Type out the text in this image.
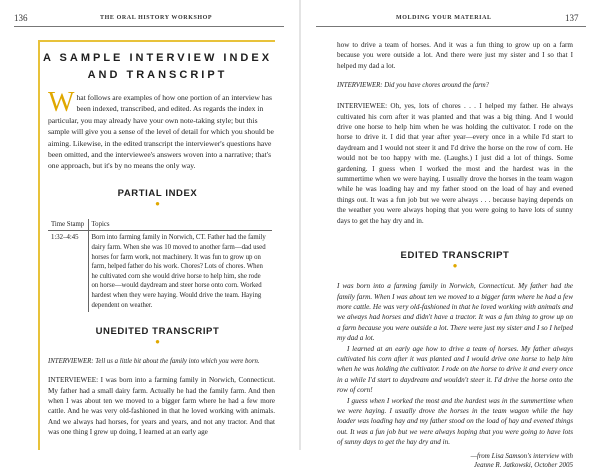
136	THE ORAL HISTORY WORKSHOP	MOLDING YOUR MATERIAL	137
A SAMPLE INTERVIEW INDEX
AND TRANSCRIPT

What follows are examples of how one portion of an interview has been indexed, transcribed, and edited. As regards the index in particular, you may already have your own note-taking style; but this sample will give you a sense of the level of detail for which you should be aiming. Likewise, in the edited transcript the interviewer's questions have been omitted, and the interviewee's answers woven into a narrative; that's one approach, but it's by no means the only way.

PARTIAL INDEX
●
Time Stamp	Topics
1:32–4:45	Born into farming family in Norwich, CT. Father had the family dairy farm. When she was 10 moved to another farm—dad used horses for farm work, not machinery. It was fun to grow up on farm, helped father do his work. Chores? Lots of chores. When he cultivated corn she would drive horse to help him, she rode on horse—would daydream and steer horse onto corn. Worked hardest when they were haying. Would drive the team. Haying dependent on weather.
UNEDITED TRANSCRIPT
●

INTERVIEWER: Tell us a little bit about the family into which you were born.

INTERVIEWEE: I was born into a farming family in Norwich, Connecticut. My father had a small dairy farm. Actually he had the family farm. And then when I was about ten we moved to a bigger farm where he had a few more cattle. And he was very old-fashioned in that he loved working with animals. And we always had horses, for years and years, and not any tractor. And that was one thing I grew up doing, I learned at an early age

how to drive a team of horses. And it was a fun thing to grow up on a farm because you were outside a lot. And there were just my sister and I so that I helped my dad a lot.

INTERVIEWER: Did you have chores around the farm?

INTERVIEWEE: Oh, yes, lots of chores . . . I helped my father. He always cultivated his corn after it was planted and that was a big thing. And I would drive one horse to help him when he was holding the cultivator. I rode on the horse to drive it. I did that year after year—every once in a while I'd start to daydream and I would not steer it and I'd drive the horse on the row of corn. He would not be too happy with me. (Laughs.) I just did a lot of things. Some gardening. I guess when I worked the most and the hardest was in the summertime when we were haying. I usually drove the horses in the team wagon while he was loading hay and my father stood on the load of hay and evened things out. It was a fun job but we were always . . . because haying depends on the weather you were always hoping that you were going to have lots of sunny days to get the hay dry and in.

EDITED TRANSCRIPT
●

I was born into a farming family in Norwich, Connecticut. My father had the family farm. When I was about ten we moved to a bigger farm where he had a few more cattle. He was very old-fashioned in that he loved working with animals and we always had horses and didn't have a tractor. It was a fun thing to grow up on a farm because you were outside a lot. There were just my sister and I so I helped my dad a lot.

I learned at an early age how to drive a team of horses. My father always cultivated his corn after it was planted and I would drive one horse to help him when he was holding the cultivator. I rode on the horse to drive it and every once in a while I'd start to daydream and wouldn't steer it. I'd drive the horse onto the row of corn!

I guess when I worked the most and the hardest was in the summertime when we were haying. I usually drove the horses in the team wagon while the hay loader was loading hay and my father stood on the load of hay and evened things out. It was a fun job but we were always hoping that you were going to have lots of sunny days to get the hay dry and in.

—from Lisa Samson's interview with
Jeanne R. Jatkowski, October 2005
